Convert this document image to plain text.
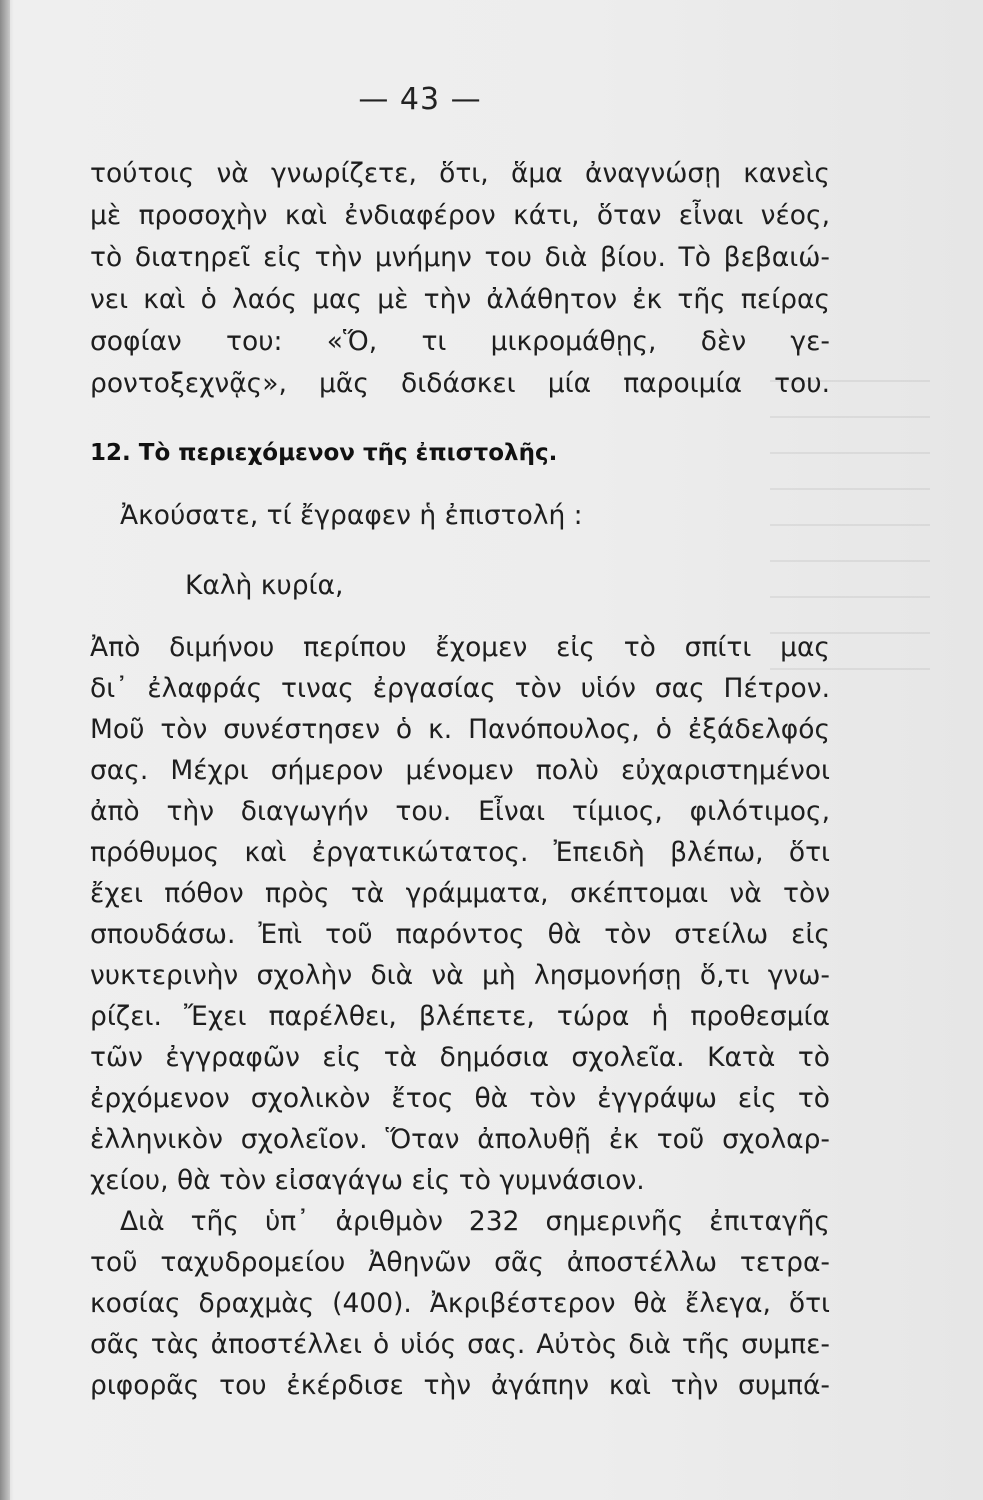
— 43 —
τούτοις νὰ γνωρίζετε, ὅτι, ἅμα ἀναγνώσῃ κανεὶς
μὲ προσοχὴν καὶ ἐνδιαφέρον κάτι, ὅταν εἶναι νέος,
τὸ διατηρεῖ εἰς τὴν μνήμην του διὰ βίου. Τὸ βεβαιώ-
νει καὶ ὁ λαός μας μὲ τὴν ἀλάθητον ἐκ τῆς πείρας
σοφίαν του: «Ὅ, τι μικρομάθῃς, δὲν γε-
ροντοξεχνᾷς», μᾶς διδάσκει μία παροιμία του.
12. Τὸ περιεχόμενον τῆς ἐπιστολῆς.
Ἀκούσατε, τί ἔγραφεν ἡ ἐπιστολή :
Καλὴ κυρία,
Ἀπὸ διμήνου περίπου ἔχομεν εἰς τὸ σπίτι μας
δι᾽ ἐλαφράς τινας ἐργασίας τὸν υἱόν σας Πέτρον.
Μοῦ τὸν συνέστησεν ὁ κ. Πανόπουλος, ὁ ἐξάδελφός
σας. Μέχρι σήμερον μένομεν πολὺ εὐχαριστημένοι
ἀπὸ τὴν διαγωγήν του. Εἶναι τίμιος, φιλότιμος,
πρόθυμος καὶ ἐργατικώτατος. Ἐπειδὴ βλέπω, ὅτι
ἔχει πόθον πρὸς τὰ γράμματα, σκέπτομαι νὰ τὸν
σπουδάσω. Ἐπὶ τοῦ παρόντος θὰ τὸν στείλω εἰς
νυκτερινὴν σχολὴν διὰ νὰ μὴ λησμονήσῃ ὅ,τι γνω-
ρίζει. Ἔχει παρέλθει, βλέπετε, τώρα ἡ προθεσμία
τῶν ἐγγραφῶν εἰς τὰ δημόσια σχολεῖα. Κατὰ τὸ
ἐρχόμενον σχολικὸν ἔτος θὰ τὸν ἐγγράψω εἰς τὸ
ἑλληνικὸν σχολεῖον. Ὅταν ἀπολυθῇ ἐκ τοῦ σχολαρ-
χείου, θὰ τὸν εἰσαγάγω εἰς τὸ γυμνάσιον.
Διὰ τῆς ὑπ᾽ ἀριθμὸν 232 σημερινῆς ἐπιταγῆς
τοῦ ταχυδρομείου Ἀθηνῶν σᾶς ἀποστέλλω τετρα-
κοσίας δραχμὰς (400). Ἀκριβέστερον θὰ ἔλεγα, ὅτι
σᾶς τὰς ἀποστέλλει ὁ υἱός σας. Αὐτὸς διὰ τῆς συμπε-
ριφορᾶς του ἐκέρδισε τὴν ἀγάπην καὶ τὴν συμπά-
